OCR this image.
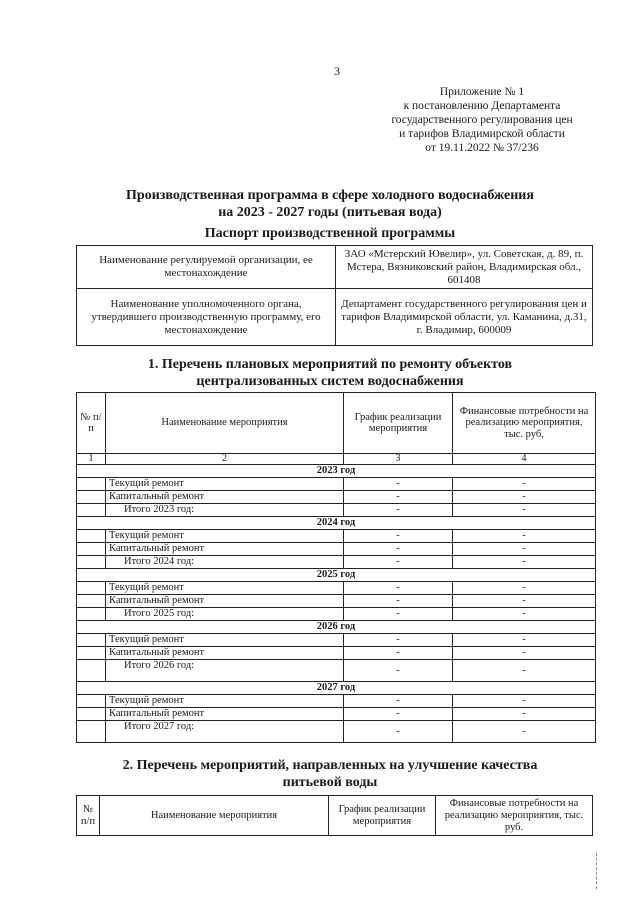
3
Приложение № 1
к постановлению Департамента
государственного регулирования цен
и тарифов Владимирской области
от 19.11.2022 № 37/236
Производственная программа в сфере холодного водоснабжения
на 2023 - 2027 годы (питьевая вода)
Паспорт производственной программы
Наименование регулируемой организации, ее местонахождение	ЗАО «Мстерский Ювелир», ул. Советская, д. 89, п. Мстера, Вязниковский район, Владимирская обл., 601408
Наименование уполномоченного органа, утвердившего производственную программу, его местонахождение	Департамент государственного регулирования цен и тарифов Владимирской области, ул. Каманина, д.31, г. Владимир, 600009
1. Перечень плановых мероприятий по ремонту объектов
централизованных систем водоснабжения
№ п/п	Наименование мероприятия	График реализации мероприятия	Финансовые потребности на реализацию мероприятия, тыс. руб,
1	2	3	4
2023 год			
	Текущий ремонт	-	-
	Капитальный ремонт	-	-
	Итого 2023 год:	-	-
2024 год			
	Текущий ремонт	-	-
	Капитальный ремонт	-	-
	Итого 2024 год:	-	-
2025 год			
	Текущий ремонт	-	-
	Капитальный ремонт	-	-
	Итого 2025 год:	-	-
2026 год			
	Текущий ремонт	-	-
	Капитальный ремонт	-	-
	Итого 2026 год:	-	-
2027 год			
	Текущий ремонт	-	-
	Капитальный ремонт	-	-
	Итого 2027 год:	-	-
2. Перечень мероприятий, направленных на улучшение качества
питьевой воды
№ п/п	Наименование мероприятия	График реализации мероприятия	Финансовые потребности на реализацию мероприятия, тыс. руб.
